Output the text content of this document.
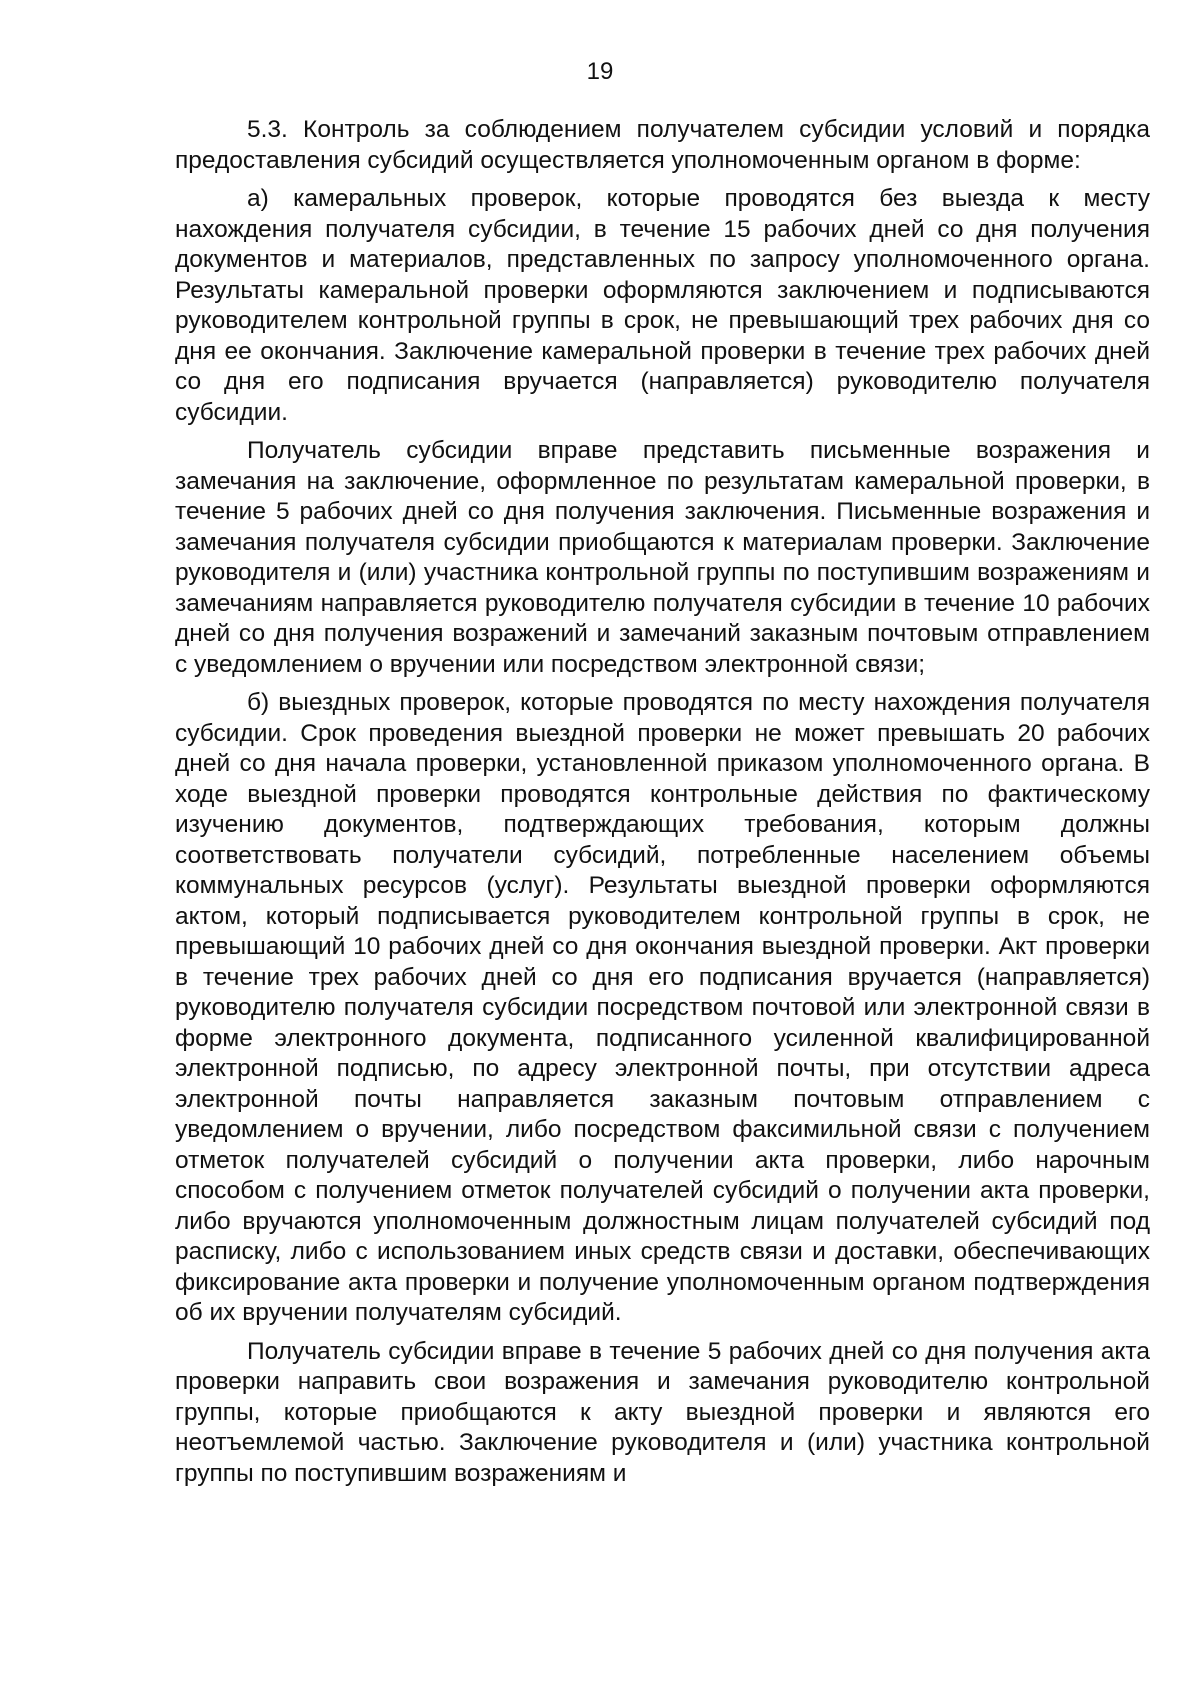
19

5.3. Контроль за соблюдением получателем субсидии условий и порядка предоставления субсидий осуществляется уполномоченным органом в форме:

а) камеральных проверок, которые проводятся без выезда к месту нахождения получателя субсидии, в течение 15 рабочих дней со дня получения документов и материалов, представленных по запросу уполномоченного органа. Результаты камеральной проверки оформляются заключением и подписываются руководителем контрольной группы в срок, не превышающий трех рабочих дня со дня ее окончания. Заключение камеральной проверки в течение трех рабочих дней со дня его подписания вручается (направляется) руководителю получателя субсидии.

Получатель субсидии вправе представить письменные возражения и замечания на заключение, оформленное по результатам камеральной проверки, в течение 5 рабочих дней со дня получения заключения. Письменные возражения и замечания получателя субсидии приобщаются к материалам проверки. Заключение руководителя и (или) участника контрольной группы по поступившим возражениям и замечаниям направляется руководителю получателя субсидии в течение 10 рабочих дней со дня получения возражений и замечаний заказным почтовым отправлением с уведомлением о вручении или посредством электронной связи;

б) выездных проверок, которые проводятся по месту нахождения получателя субсидии. Срок проведения выездной проверки не может превышать 20 рабочих дней со дня начала проверки, установленной приказом уполномоченного органа. В ходе выездной проверки проводятся контрольные действия по фактическому изучению документов, подтверждающих требования, которым должны соответствовать получатели субсидий, потребленные населением объемы коммунальных ресурсов (услуг). Результаты выездной проверки оформляются актом, который подписывается руководителем контрольной группы в срок, не превышающий 10 рабочих дней со дня окончания выездной проверки. Акт проверки в течение трех рабочих дней со дня его подписания вручается (направляется) руководителю получателя субсидии посредством почтовой или электронной связи в форме электронного документа, подписанного усиленной квалифицированной электронной подписью, по адресу электронной почты, при отсутствии адреса электронной почты направляется заказным почтовым отправлением с уведомлением о вручении, либо посредством факсимильной связи с получением отметок получателей субсидий о получении акта проверки, либо нарочным способом с получением отметок получателей субсидий о получении акта проверки, либо вручаются уполномоченным должностным лицам получателей субсидий под расписку, либо с использованием иных средств связи и доставки, обеспечивающих фиксирование акта проверки и получение уполномоченным органом подтверждения об их вручении получателям субсидий.

Получатель субсидии вправе в течение 5 рабочих дней со дня получения акта проверки направить свои возражения и замечания руководителю контрольной группы, которые приобщаются к акту выездной проверки и являются его неотъемлемой частью. Заключение руководителя и (или) участника контрольной группы по поступившим возражениям и
